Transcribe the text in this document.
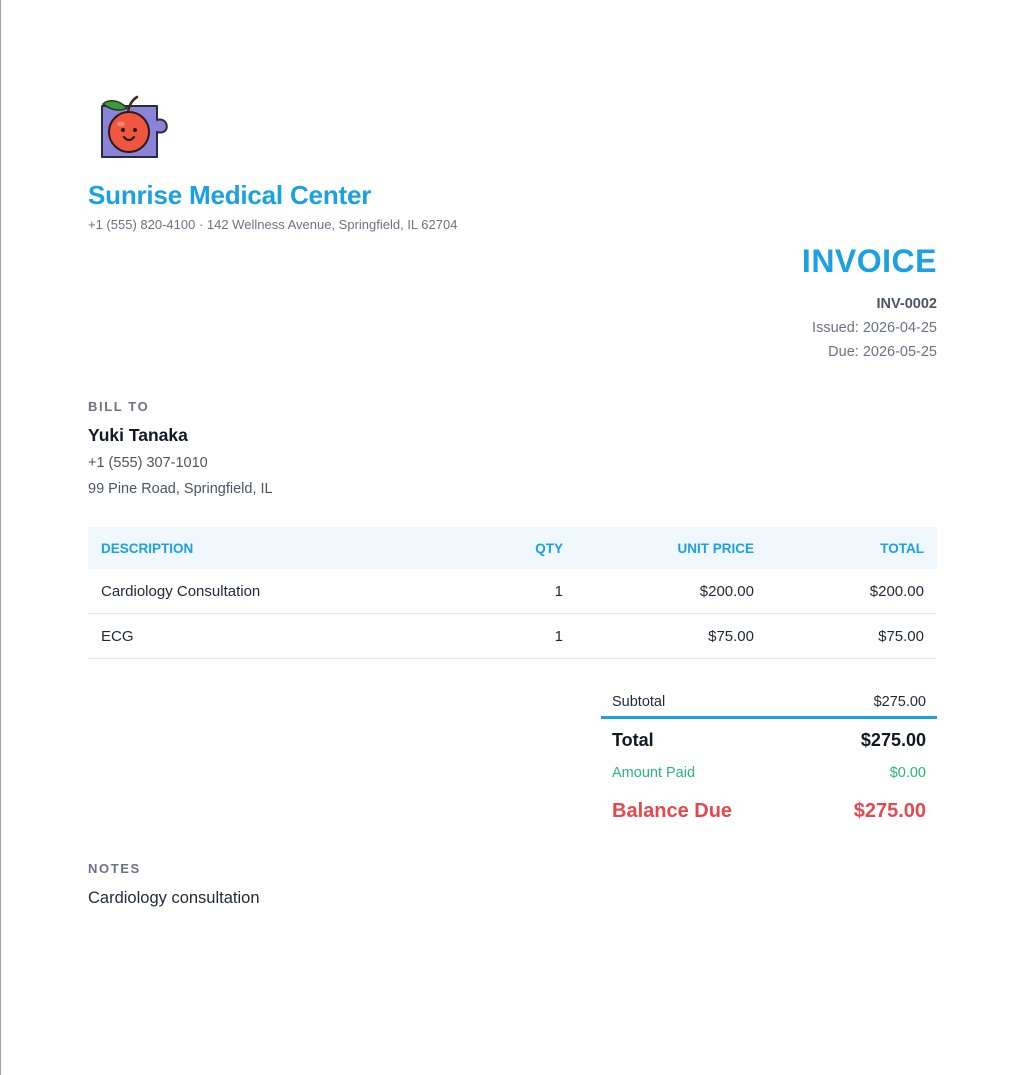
Sunrise Medical Center
+1 (555) 820-4100 · 142 Wellness Avenue, Springfield, IL 62704
INVOICE
INV-0002
Issued: 2026-04-25
Due: 2026-05-25
BILL TO
Yuki Tanaka
+1 (555) 307-1010
99 Pine Road, Springfield, IL
DESCRIPTION	QTY	UNIT PRICE	TOTAL
Cardiology Consultation	1	$200.00	$200.00
ECG	1	$75.00	$75.00
Subtotal	$275.00
Total	$275.00
Amount Paid	$0.00
Balance Due	$275.00
NOTES
Cardiology consultation
